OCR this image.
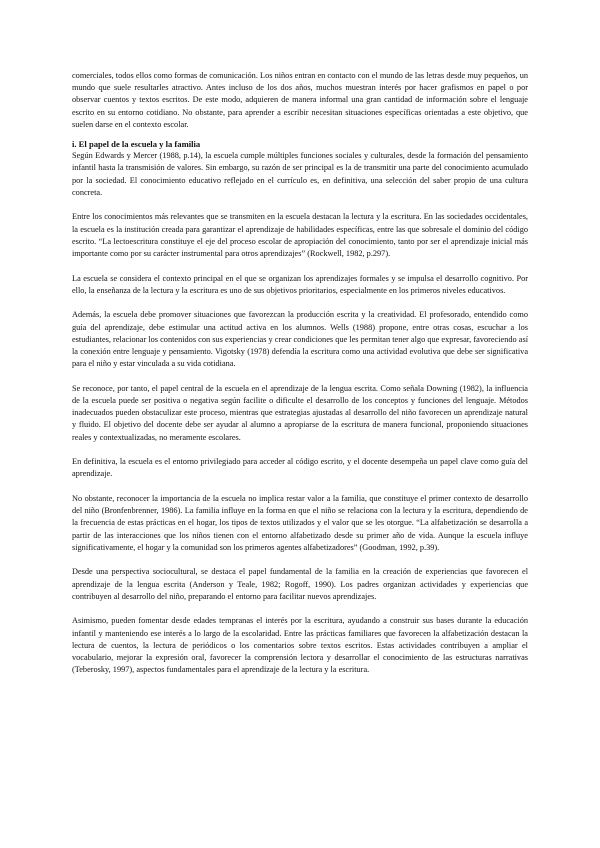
comerciales, todos ellos como formas de comunicación. Los niños entran en contacto con el mundo de las letras desde muy pequeños, un mundo que suele resultarles atractivo. Antes incluso de los dos años, muchos muestran interés por hacer grafismos en papel o por observar cuentos y textos escritos. De este modo, adquieren de manera informal una gran cantidad de información sobre el lenguaje escrito en su entorno cotidiano. No obstante, para aprender a escribir necesitan situaciones específicas orientadas a este objetivo, que suelen darse en el contexto escolar.

i. El papel de la escuela y la familia

Según Edwards y Mercer (1988, p.14), la escuela cumple múltiples funciones sociales y culturales, desde la formación del pensamiento infantil hasta la transmisión de valores. Sin embargo, su razón de ser principal es la de transmitir una parte del conocimiento acumulado por la sociedad. El conocimiento educativo reflejado en el currículo es, en definitiva, una selección del saber propio de una cultura concreta.

Entre los conocimientos más relevantes que se transmiten en la escuela destacan la lectura y la escritura. En las sociedades occidentales, la escuela es la institución creada para garantizar el aprendizaje de habilidades específicas, entre las que sobresale el dominio del código escrito. “La lectoescritura constituye el eje del proceso escolar de apropiación del conocimiento, tanto por ser el aprendizaje inicial más importante como por su carácter instrumental para otros aprendizajes” (Rockwell, 1982, p.297).

La escuela se considera el contexto principal en el que se organizan los aprendizajes formales y se impulsa el desarrollo cognitivo. Por ello, la enseñanza de la lectura y la escritura es uno de sus objetivos prioritarios, especialmente en los primeros niveles educativos.

Además, la escuela debe promover situaciones que favorezcan la producción escrita y la creatividad. El profesorado, entendido como guía del aprendizaje, debe estimular una actitud activa en los alumnos. Wells (1988) propone, entre otras cosas, escuchar a los estudiantes, relacionar los contenidos con sus experiencias y crear condiciones que les permitan tener algo que expresar, favoreciendo así la conexión entre lenguaje y pensamiento. Vigotsky (1978) defendía la escritura como una actividad evolutiva que debe ser significativa para el niño y estar vinculada a su vida cotidiana.

Se reconoce, por tanto, el papel central de la escuela en el aprendizaje de la lengua escrita. Como señala Downing (1982), la influencia de la escuela puede ser positiva o negativa según facilite o dificulte el desarrollo de los conceptos y funciones del lenguaje. Métodos inadecuados pueden obstaculizar este proceso, mientras que estrategias ajustadas al desarrollo del niño favorecen un aprendizaje natural y fluido. El objetivo del docente debe ser ayudar al alumno a apropiarse de la escritura de manera funcional, proponiendo situaciones reales y contextualizadas, no meramente escolares.

En definitiva, la escuela es el entorno privilegiado para acceder al código escrito, y el docente desempeña un papel clave como guía del aprendizaje.

No obstante, reconocer la importancia de la escuela no implica restar valor a la familia, que constituye el primer contexto de desarrollo del niño (Bronfenbrenner, 1986). La familia influye en la forma en que el niño se relaciona con la lectura y la escritura, dependiendo de la frecuencia de estas prácticas en el hogar, los tipos de textos utilizados y el valor que se les otorgue. “La alfabetización se desarrolla a partir de las interacciones que los niños tienen con el entorno alfabetizado desde su primer año de vida. Aunque la escuela influye significativamente, el hogar y la comunidad son los primeros agentes alfabetizadores” (Goodman, 1992, p.39).

Desde una perspectiva sociocultural, se destaca el papel fundamental de la familia en la creación de experiencias que favorecen el aprendizaje de la lengua escrita (Anderson y Teale, 1982; Rogoff, 1990). Los padres organizan actividades y experiencias que contribuyen al desarrollo del niño, preparando el entorno para facilitar nuevos aprendizajes.

Asimismo, pueden fomentar desde edades tempranas el interés por la escritura, ayudando a construir sus bases durante la educación infantil y manteniendo ese interés a lo largo de la escolaridad. Entre las prácticas familiares que favorecen la alfabetización destacan la lectura de cuentos, la lectura de periódicos o los comentarios sobre textos escritos. Estas actividades contribuyen a ampliar el vocabulario, mejorar la expresión oral, favorecer la comprensión lectora y desarrollar el conocimiento de las estructuras narrativas (Teberosky, 1997), aspectos fundamentales para el aprendizaje de la lectura y la escritura.
